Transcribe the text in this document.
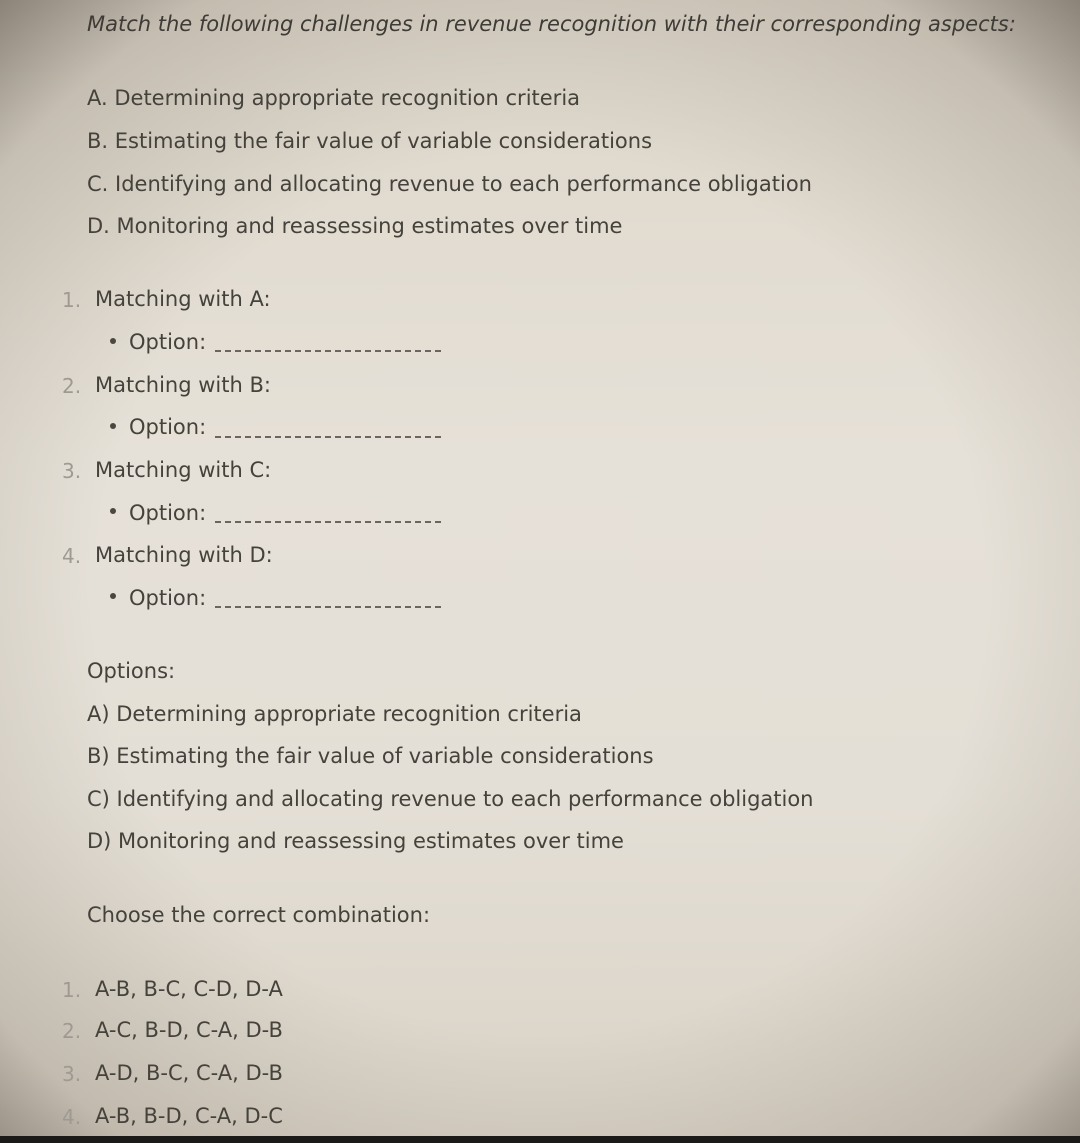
Match the following challenges in revenue recognition with their corresponding aspects:
A. Determining appropriate recognition criteria
B. Estimating the fair value of variable considerations
C. Identifying and allocating revenue to each performance obligation
D. Monitoring and reassessing estimates over time
1. Matching with A:
Option:
2. Matching with B:
Option:
3. Matching with C:
Option:
4. Matching with D:
Option:
Options:
A) Determining appropriate recognition criteria
B) Estimating the fair value of variable considerations
C) Identifying and allocating revenue to each performance obligation
D) Monitoring and reassessing estimates over time
Choose the correct combination:
1. A-B, B-C, C-D, D-A
2. A-C, B-D, C-A, D-B
3. A-D, B-C, C-A, D-B
4. A-B, B-D, C-A, D-C
